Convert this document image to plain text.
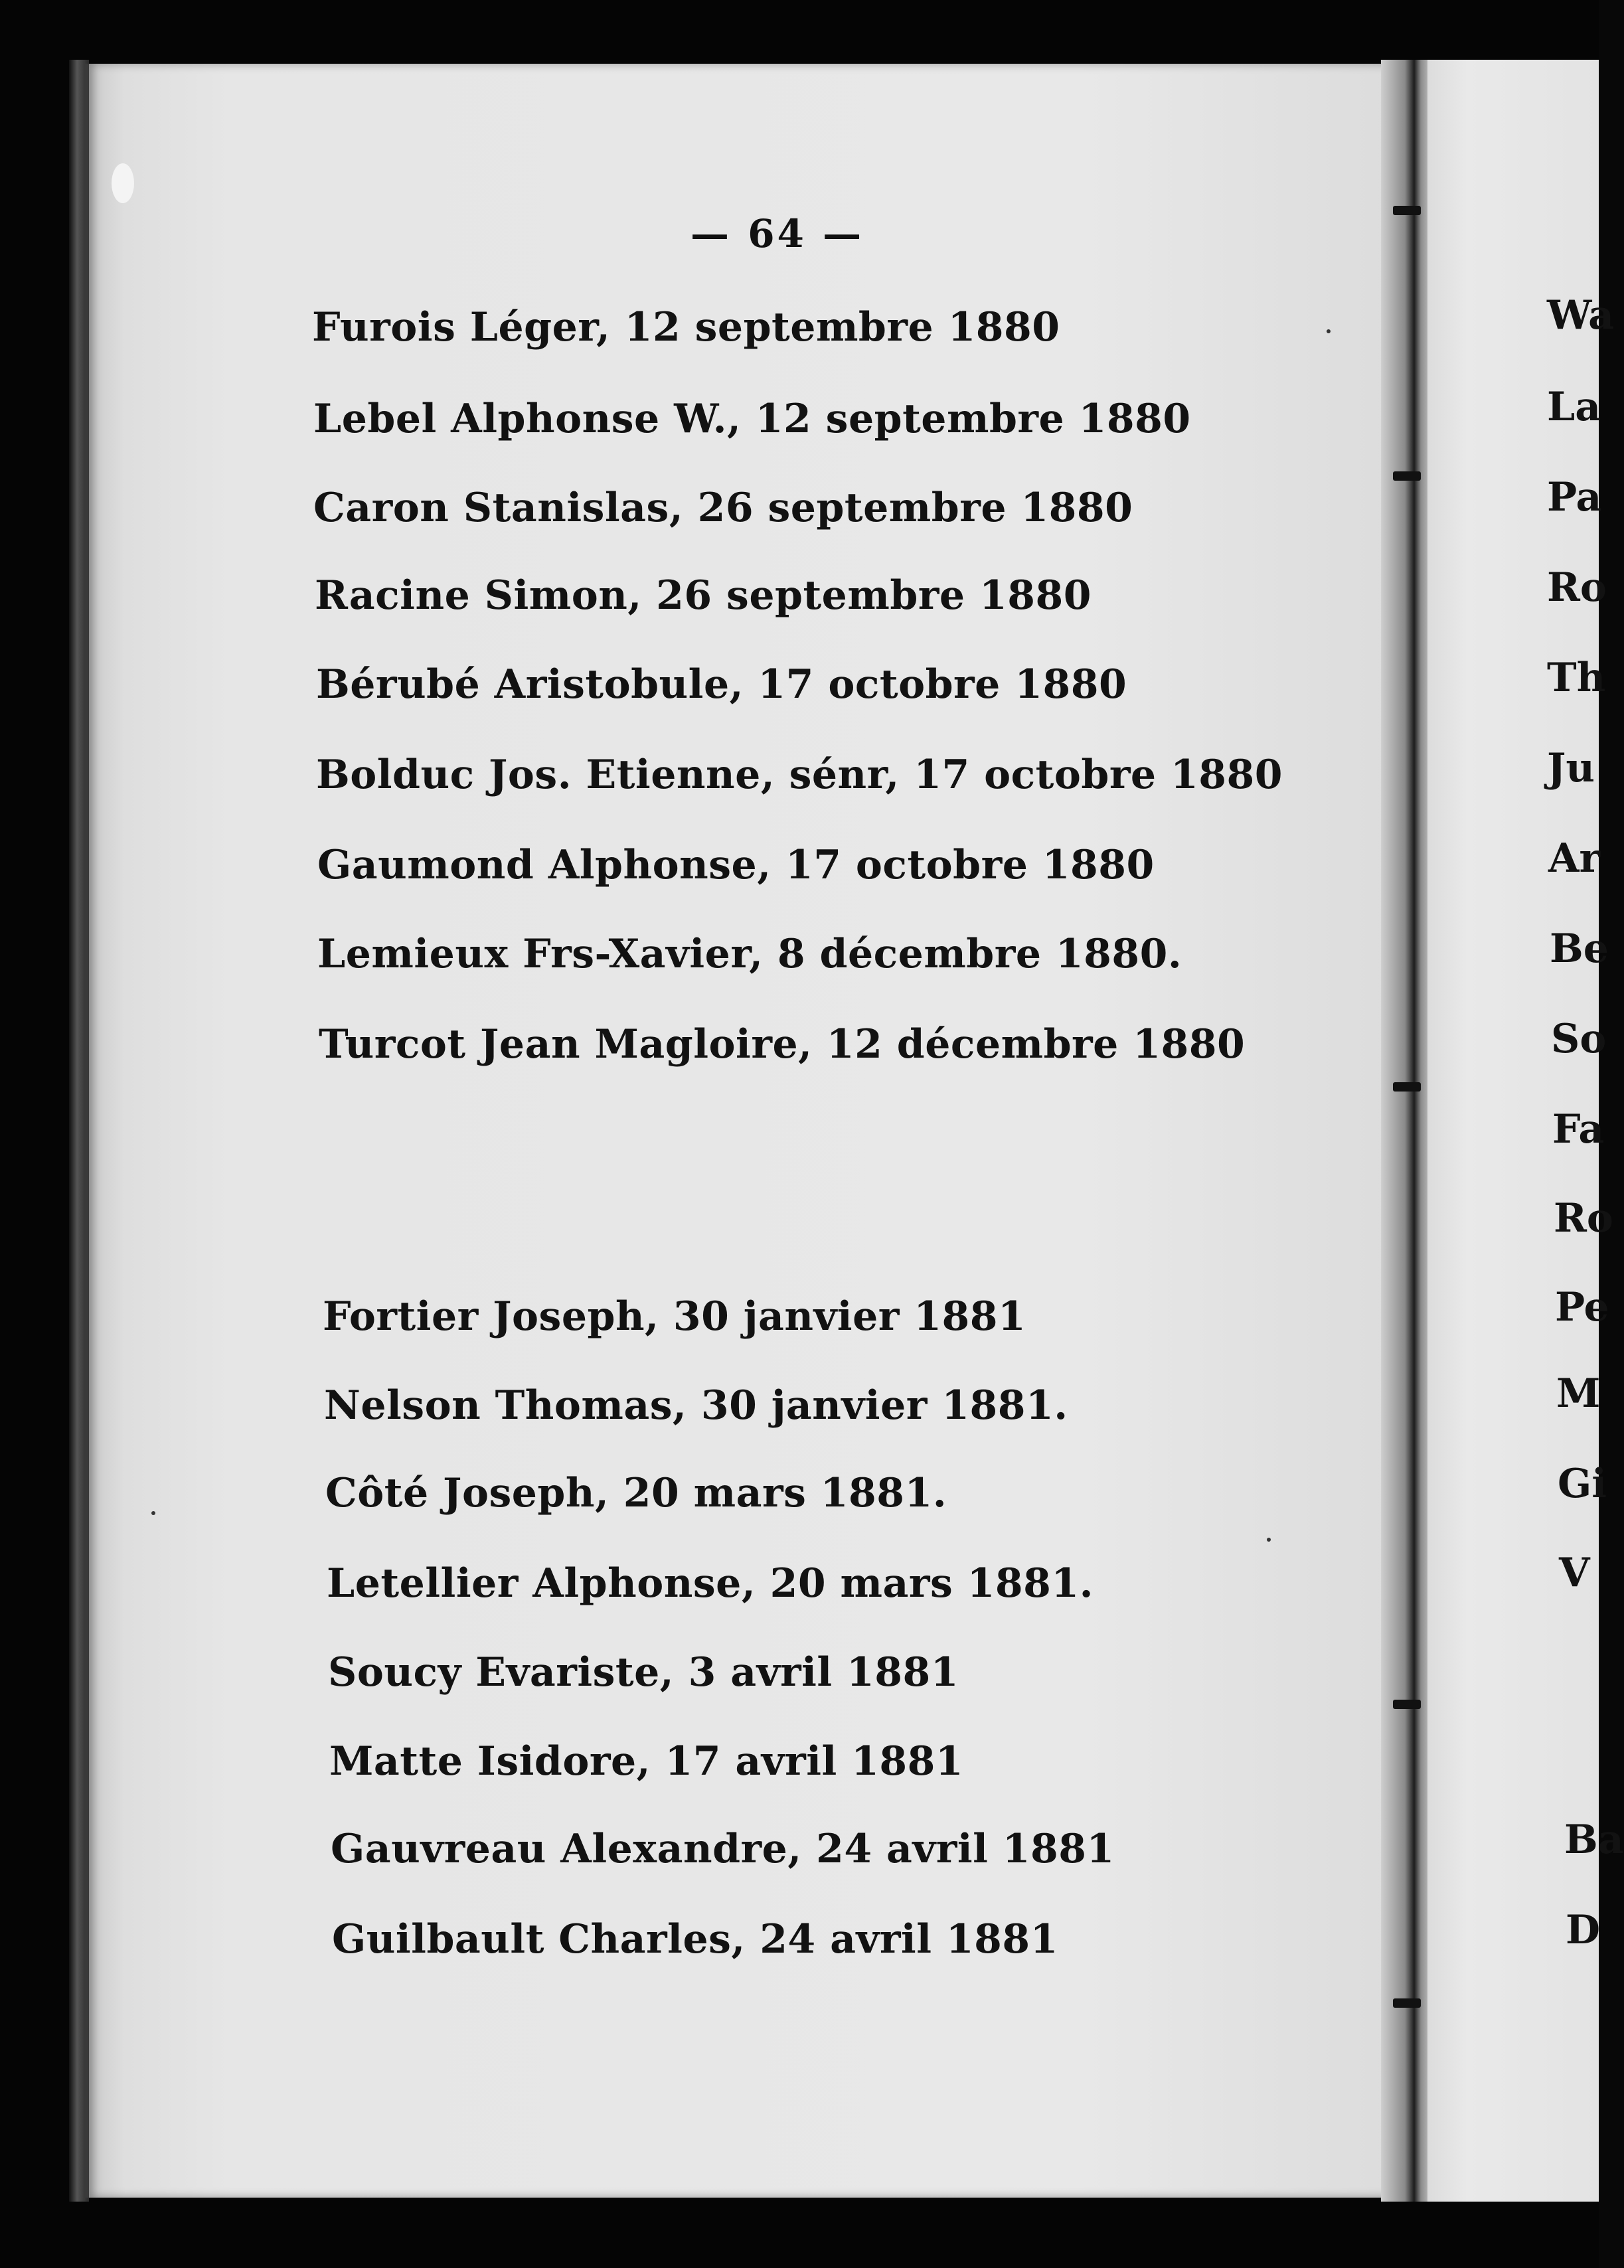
— 64 —
Furois Léger, 12 septembre 1880
Lebel Alphonse W., 12 septembre 1880
Caron Stanislas, 26 septembre 1880
Racine Simon, 26 septembre 1880
Bérubé Aristobule, 17 octobre 1880
Bolduc Jos. Etienne, sénr, 17 octobre 1880
Gaumond Alphonse, 17 octobre 1880
Lemieux Frs-Xavier, 8 décembre 1880.
Turcot Jean Magloire, 12 décembre 1880
Fortier Joseph, 30 janvier 1881
Nelson Thomas, 30 janvier 1881.
Côté Joseph, 20 mars 1881.
Letellier Alphonse, 20 mars 1881.
Soucy Evariste, 3 avril 1881
Matte Isidore, 17 avril 1881
Gauvreau Alexandre, 24 avril 1881
Guilbault Charles, 24 avril 1881
Wa
La
Pa
Ro
Th
Ju
Ar
Be
So
Fa
Ro
Pe
M
Gi
V
Ba
D
